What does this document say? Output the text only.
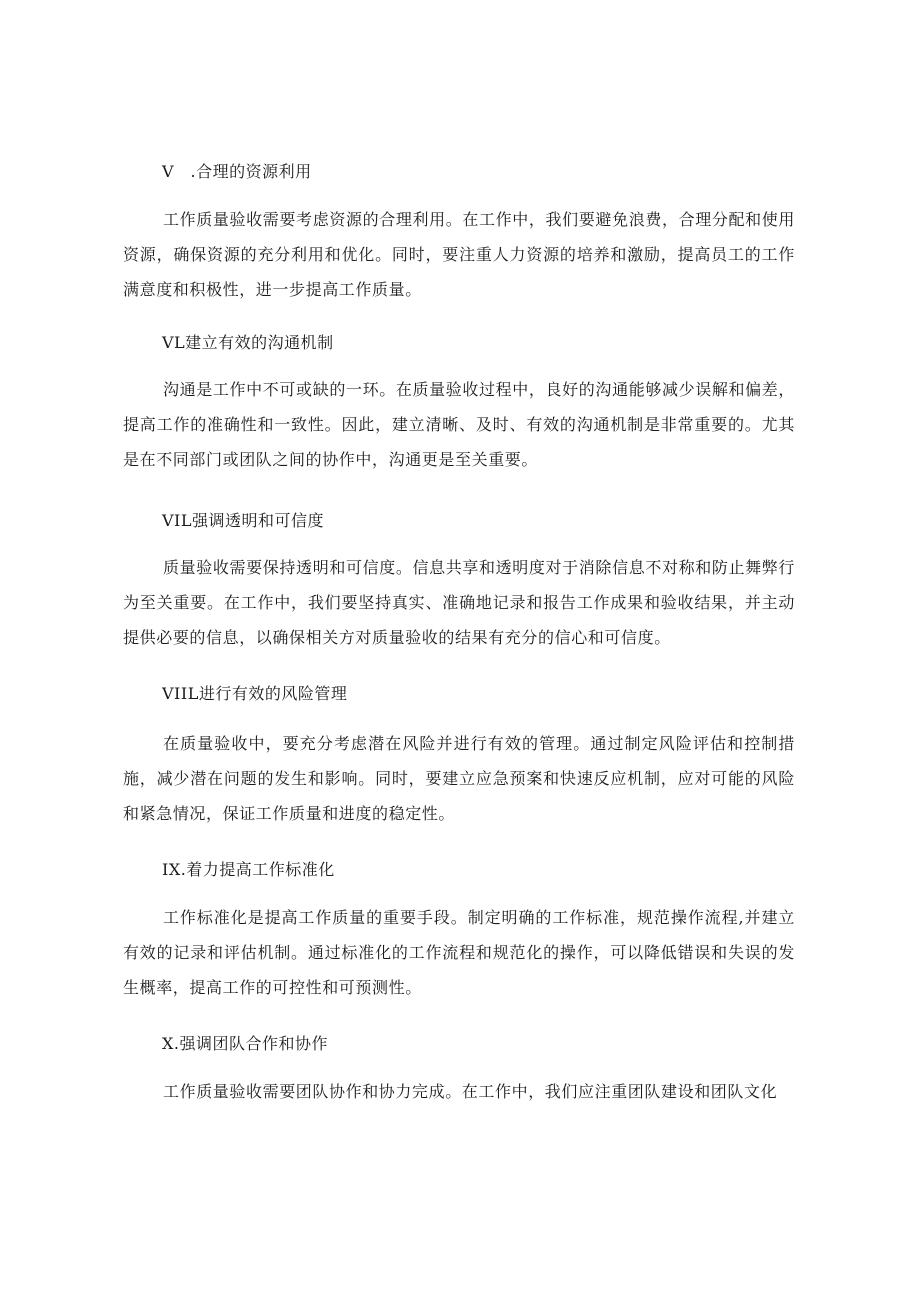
V　.合理的资源利用
工作质量验收需要考虑资源的合理利用。在工作中，我们要避免浪费，合理分配和使用资源，确保资源的充分利用和优化。同时，要注重人力资源的培养和激励，提高员工的工作满意度和积极性，进一步提高工作质量。
VL建立有效的沟通机制
沟通是工作中不可或缺的一环。在质量验收过程中，良好的沟通能够减少误解和偏差，提高工作的准确性和一致性。因此，建立清晰、及时、有效的沟通机制是非常重要的。尤其是在不同部门或团队之间的协作中，沟通更是至关重要。
VIL强调透明和可信度
质量验收需要保持透明和可信度。信息共享和透明度对于消除信息不对称和防止舞弊行为至关重要。在工作中，我们要坚持真实、准确地记录和报告工作成果和验收结果，并主动提供必要的信息，以确保相关方对质量验收的结果有充分的信心和可信度。
VIIL进行有效的风险管理
在质量验收中，要充分考虑潜在风险并进行有效的管理。通过制定风险评估和控制措施，减少潜在问题的发生和影响。同时，要建立应急预案和快速反应机制，应对可能的风险和紧急情况，保证工作质量和进度的稳定性。
IX.着力提高工作标准化
工作标准化是提高工作质量的重要手段。制定明确的工作标准，规范操作流程,并建立有效的记录和评估机制。通过标准化的工作流程和规范化的操作，可以降低错误和失误的发生概率，提高工作的可控性和可预测性。
X.强调团队合作和协作
工作质量验收需要团队协作和协力完成。在工作中，我们应注重团队建设和团队文化
